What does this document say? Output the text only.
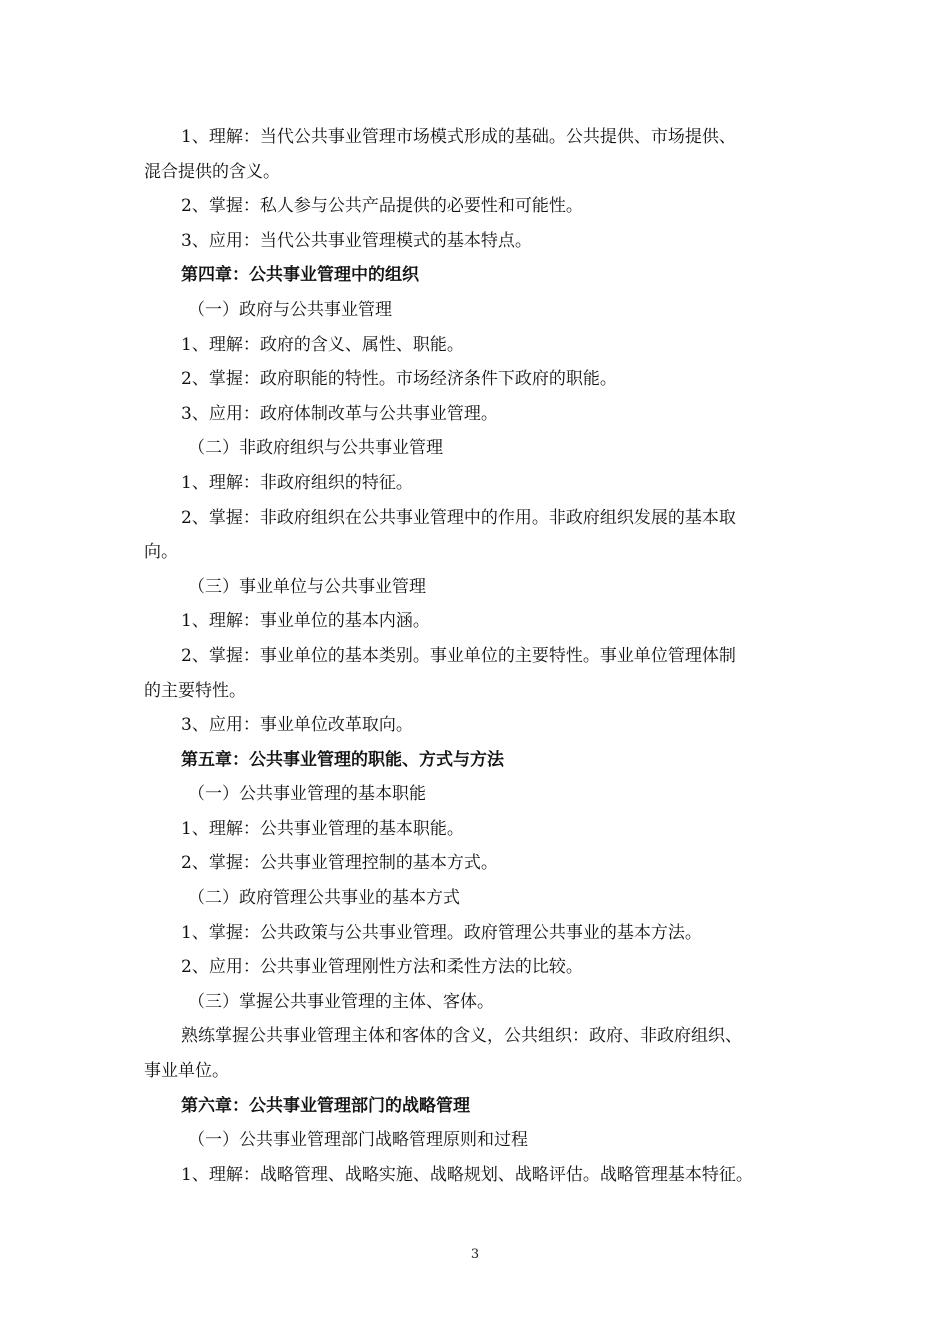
1、理解：当代公共事业管理市场模式形成的基础。公共提供、市场提供、
混合提供的含义。
2、掌握：私人参与公共产品提供的必要性和可能性。
3、应用：当代公共事业管理模式的基本特点。
第四章：公共事业管理中的组织
（一）政府与公共事业管理
1、理解：政府的含义、属性、职能。
2、掌握：政府职能的特性。市场经济条件下政府的职能。
3、应用：政府体制改革与公共事业管理。
（二）非政府组织与公共事业管理
1、理解：非政府组织的特征。
2、掌握：非政府组织在公共事业管理中的作用。非政府组织发展的基本取
向。
（三）事业单位与公共事业管理
1、理解：事业单位的基本内涵。
2、掌握：事业单位的基本类别。事业单位的主要特性。事业单位管理体制
的主要特性。
3、应用：事业单位改革取向。
第五章：公共事业管理的职能、方式与方法
（一）公共事业管理的基本职能
1、理解：公共事业管理的基本职能。
2、掌握：公共事业管理控制的基本方式。
（二）政府管理公共事业的基本方式
1、掌握：公共政策与公共事业管理。政府管理公共事业的基本方法。
2、应用：公共事业管理刚性方法和柔性方法的比较。
（三）掌握公共事业管理的主体、客体。
熟练掌握公共事业管理主体和客体的含义，公共组织：政府、非政府组织、
事业单位。
第六章：公共事业管理部门的战略管理
（一）公共事业管理部门战略管理原则和过程
1、理解：战略管理、战略实施、战略规划、战略评估。战略管理基本特征。
3
